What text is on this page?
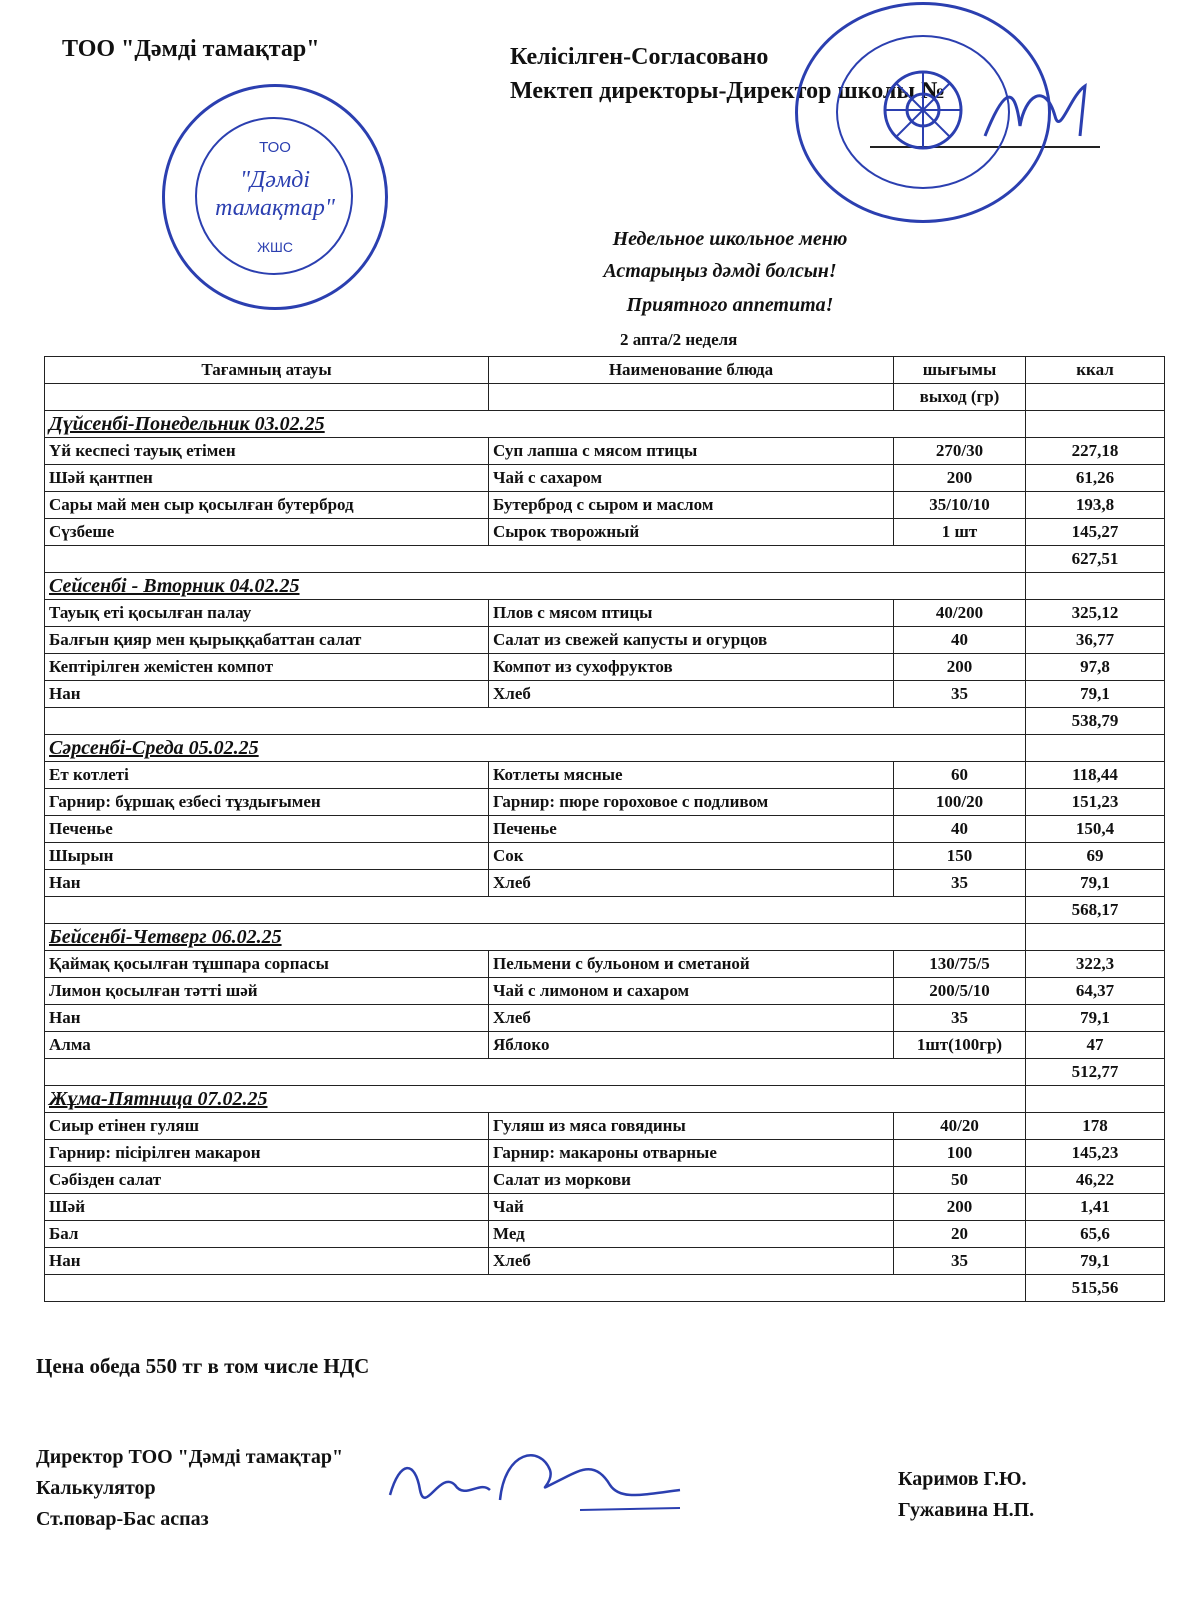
ТОО "Дәмді тамақтар"	Келісілген-Согласовано
Мектеп директоры-Директор школы №
ТОО
"Дәмді
тамақтар"
ЖШС	Недельное школьное меню
Астарыңыз дәмді болсын!
Приятного аппетита!
2 апта/2 неделя
Тағамның атауы	Наименование блюда	шығымы	ккал
		выход (гр)	
Дүйсенбі-Понедельник 03.02.25			
Үй кеспесі тауық етімен	Суп лапша с мясом птицы	270/30	227,18
Шәй қантпен	Чай с сахаром	200	61,26
Сары май мен сыр қосылған бутерброд	Бутерброд с сыром и маслом	35/10/10	193,8
Сүзбеше	Сырок творожный	1 шт	145,27
			627,51
Сейсенбі - Вторник 04.02.25			
Тауық еті қосылған палау	Плов с мясом птицы	40/200	325,12
Балғын қияр мен қырыққабаттан салат	Салат из свежей капусты и огурцов	40	36,77
Кептірілген жемістен компот	Компот из сухофруктов	200	97,8
Нан	Хлеб	35	79,1
			538,79
Сәрсенбі-Среда 05.02.25			
Ет котлеті	Котлеты мясные	60	118,44
Гарнир: бұршақ езбесі тұздығымен	Гарнир: пюре гороховое с подливом	100/20	151,23
Печенье	Печенье	40	150,4
Шырын	Сок	150	69
Нан	Хлеб	35	79,1
			568,17
Бейсенбі-Четверг 06.02.25			
Қаймақ қосылған тұшпара сорпасы	Пельмени с бульоном и сметаной	130/75/5	322,3
Лимон қосылған тәтті шәй	Чай с лимоном и сахаром	200/5/10	64,37
Нан	Хлеб	35	79,1
Алма	Яблоко	1шт(100гр)	47
			512,77
Жұма-Пятница 07.02.25			
Сиыр етінен гуляш	Гуляш из мяса говядины	40/20	178
Гарнир: пісірілген макарон	Гарнир: макароны отварные	100	145,23
Сәбізден салат	Салат из моркови	50	46,22
Шәй	Чай	200	1,41
Бал	Мед	20	65,6
Нан	Хлеб	35	79,1
			515,56
Цена обеда 550 тг в том числе НДС
Директор ТОО "Дәмді тамақтар"
Калькулятор
Ст.повар-Бас аспаз
Каримов Г.Ю.
Гужавина Н.П.
